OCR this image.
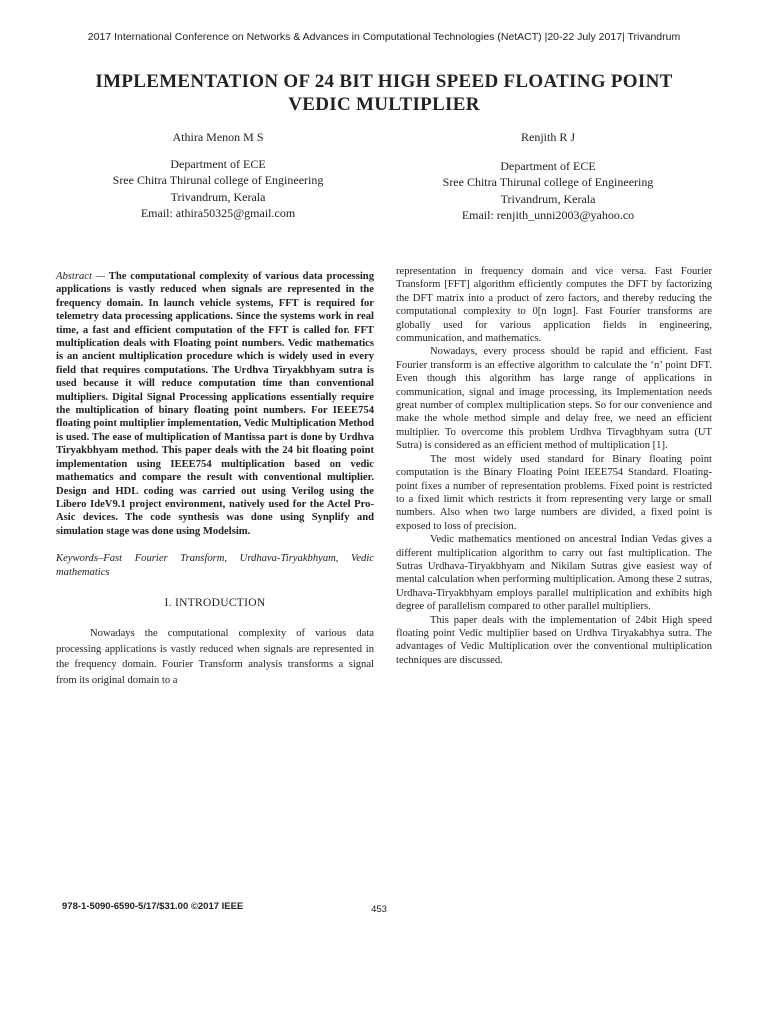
2017 International Conference on Networks & Advances in Computational Technologies (NetACT) |20-22 July 2017| Trivandrum
IMPLEMENTATION OF 24 BIT HIGH SPEED FLOATING POINT
VEDIC MULTIPLIER
Athira Menon M S
Department of ECE
Sree Chitra Thirunal college of Engineering
Trivandrum, Kerala
Email: athira50325@gmail.com
Renjith R J
Department of ECE
Sree Chitra Thirunal college of Engineering
Trivandrum, Kerala
Email: renjith_unni2003@yahoo.co

Abstract — The computational complexity of various data processing applications is vastly reduced when signals are represented in the frequency domain. In launch vehicle systems, FFT is required for telemetry data processing applications. Since the systems work in real time, a fast and efficient computation of the FFT is called for. FFT multiplication deals with Floating point numbers. Vedic mathematics is an ancient multiplication procedure which is widely used in every field that requires computations. The Urdhva Tiryakbhyam sutra is used because it will reduce computation time than conventional multipliers. Digital Signal Processing applications essentially require the multiplication of binary floating point numbers. For IEEE754 floating point multiplier implementation, Vedic Multiplication Method is used. The ease of multiplication of Mantissa part is done by Urdhva Tiryakbhyam method. This paper deals with the 24 bit floating point implementation using IEEE754 multiplication based on vedic mathematics and compare the result with conventional multiplier. Design and HDL coding was carried out using Verilog using the Libero IdeV9.1 project environment, natively used for the Actel Pro-Asic devices. The code synthesis was done using Synplify and simulation stage was done using Modelsim.

Keywords–Fast Fourier Transform, Urdhava-Tiryakbhyam, Vedic mathematics

I. INTRODUCTION

Nowadays the computational complexity of various data processing applications is vastly reduced when signals are represented in the frequency domain. Fourier Transform analysis transforms a signal from its original domain to a

representation in frequency domain and vice versa. Fast Fourier Transform [FFT] algorithm efficiently computes the DFT by factorizing the DFT matrix into a product of zero factors, and thereby reducing the computational complexity to 0[n logn]. Fast Fourier transforms are globally used for various application fields in engineering, communication, and mathematics.

Nowadays, every process should be rapid and efficient. Fast Fourier transform is an effective algorithm to calculate the ‘n’ point DFT. Even though this algorithm has large range of applications in communication, signal and image processing, its Implementation needs great number of complex multiplication steps. So for our convenience and make the whole method simple and delay free, we need an efficient multiplier. To overcome this problem Urdhva Tirvagbhyam sutra (UT Sutra) is considered as an efficient method of multiplication [1].

The most widely used standard for Binary floating point computation is the Binary Floating Point IEEE754 Standard. Floating-point fixes a number of representation problems. Fixed point is restricted to a fixed limit which restricts it from representing very large or small numbers. Also when two large numbers are divided, a fixed point is exposed to loss of precision.

Vedic mathematics mentioned on ancestral Indian Vedas gives a different multiplication algorithm to carry out fast multiplication. The Sutras Urdhava-Tiryakbhyam and Nikilam Sutras give easiest way of mental calculation when performing multiplication. Among these 2 sutras, Urdhava-Tiryakbhyam employs parallel multiplication and exhibits high degree of parallelism compared to other parallel multipliers.

This paper deals with the implementation of 24bit High speed floating point Vedic multiplier based on Urdhva Tiryakabhya sutra. The advantages of Vedic Multiplication over the conventional multiplication techniques are discussed.

978-1-5090-6590-5/17/$31.00 ©2017 IEEE	453
